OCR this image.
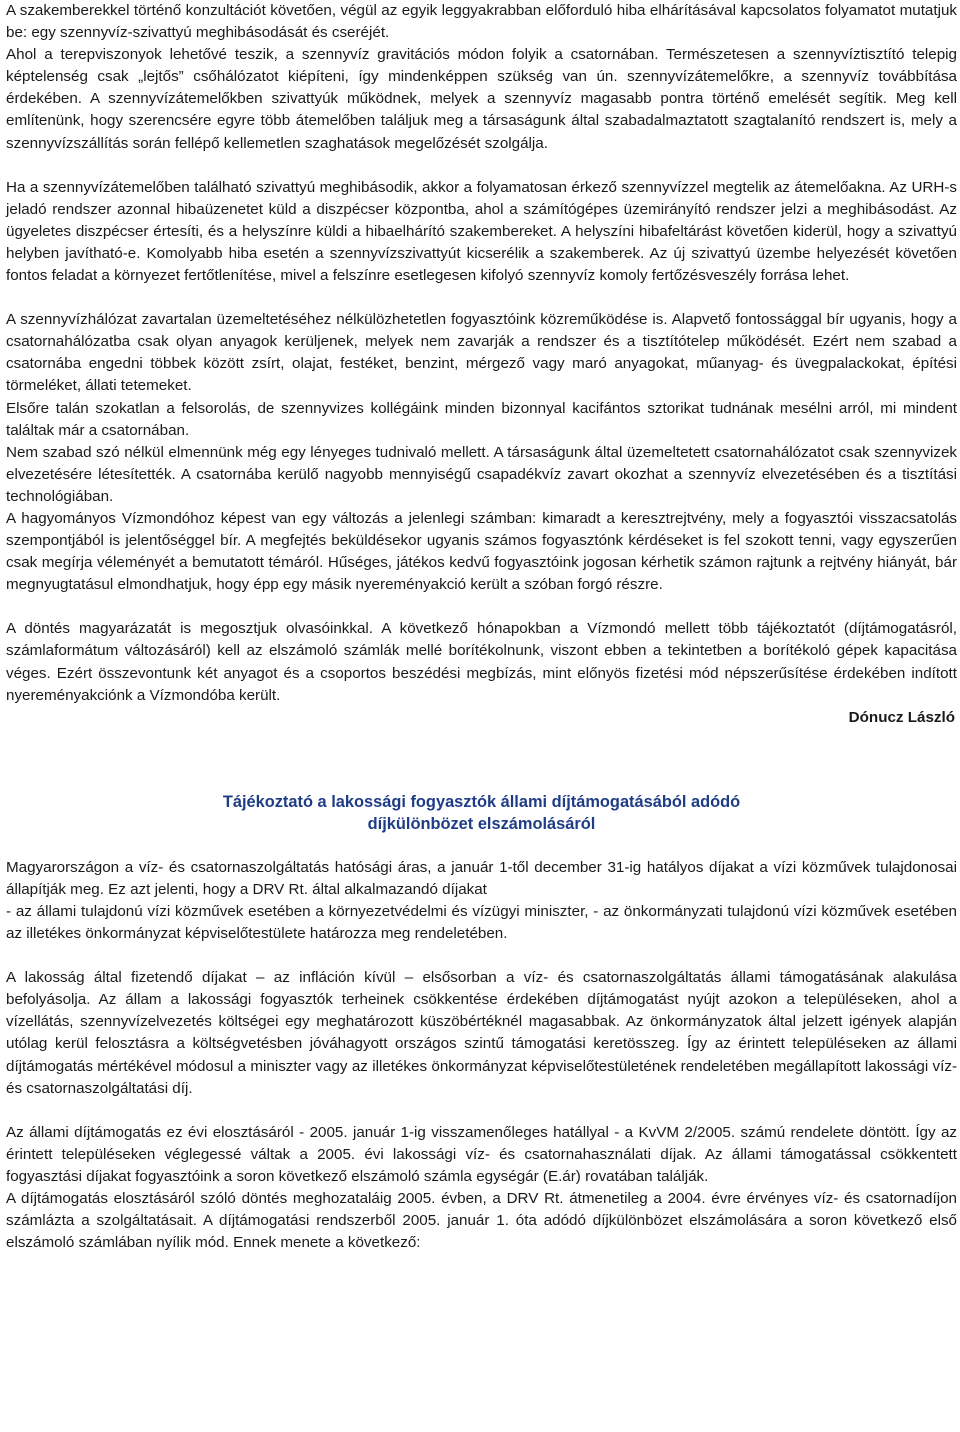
A szakemberekkel történő konzultációt követően, végül az egyik leggyakrabban előforduló hiba elhárításával kapcsolatos folyamatot mutatjuk be: egy szennyvíz-szivattyú meghibásodását és cseréjét.

Ahol a terepviszonyok lehetővé teszik, a szennyvíz gravitációs módon folyik a csatornában. Természetesen a szennyvíztisztító telepig képtelenség csak „lejtős” csőhálózatot kiépíteni, így mindenképpen szükség van ún. szennyvízátemelőkre, a szennyvíz továbbítása érdekében. A szennyvízátemelőkben szivattyúk működnek, melyek a szennyvíz magasabb pontra történő emelését segítik. Meg kell említenünk, hogy szerencsére egyre több átemelőben találjuk meg a társaságunk által szabadalmaztatott szagtalanító rendszert is, mely a szennyvízszállítás során fellépő kellemetlen szaghatások megelőzését szolgálja.

Ha a szennyvízátemelőben található szivattyú meghibásodik, akkor a folyamatosan érkező szennyvízzel megtelik az átemelőakna. Az URH-s jeladó rendszer azonnal hibaüzenetet küld a diszpécser központba, ahol a számítógépes üzemirányító rendszer jelzi a meghibásodást. Az ügyeletes diszpécser értesíti, és a helyszínre küldi a hibaelhárító szakembereket. A helyszíni hibafeltárást követően kiderül, hogy a szivattyú helyben javítható-e. Komolyabb hiba esetén a szennyvízszivattyút kicserélik a szakemberek. Az új szivattyú üzembe helyezését követően fontos feladat a környezet fertőtlenítése, mivel a felszínre esetlegesen kifolyó szennyvíz komoly fertőzésveszély forrása lehet.

A szennyvízhálózat zavartalan üzemeltetéséhez nélkülözhetetlen fogyasztóink közreműködése is. Alapvető fontossággal bír ugyanis, hogy a csatornahálózatba csak olyan anyagok kerüljenek, melyek nem zavarják a rendszer és a tisztítótelep működését. Ezért nem szabad a csatornába engedni többek között zsírt, olajat, festéket, benzint, mérgező vagy maró anyagokat, műanyag- és üvegpalackokat, építési törmeléket, állati tetemeket.

Elsőre talán szokatlan a felsorolás, de szennyvizes kollégáink minden bizonnyal kacifántos sztorikat tudnának mesélni arról, mi mindent találtak már a csatornában.

Nem szabad szó nélkül elmennünk még egy lényeges tudnivaló mellett. A társaságunk által üzemeltetett csatornahálózatot csak szennyvizek elvezetésére létesítették. A csatornába kerülő nagyobb mennyiségű csapadékvíz zavart okozhat a szennyvíz elvezetésében és a tisztítási technológiában.

A hagyományos Vízmondóhoz képest van egy változás a jelenlegi számban: kimaradt a keresztrejtvény, mely a fogyasztói visszacsatolás szempontjából is jelentőséggel bír. A megfejtés beküldésekor ugyanis számos fogyasztónk kérdéseket is fel szokott tenni, vagy egyszerűen csak megírja véleményét a bemutatott témáról. Hűséges, játékos kedvű fogyasztóink jogosan kérhetik számon rajtunk a rejtvény hiányát, bár megnyugtatásul elmondhatjuk, hogy épp egy másik nyereményakció került a szóban forgó részre.

A döntés magyarázatát is megosztjuk olvasóinkkal. A következő hónapokban a Vízmondó mellett több tájékoztatót (díjtámogatásról, számlaformátum változásáról) kell az elszámoló számlák mellé borítékolnunk, viszont ebben a tekintetben a borítékoló gépek kapacitása véges. Ezért összevontunk két anyagot és a csoportos beszédési megbízás, mint előnyös fizetési mód népszerűsítése érdekében indított nyereményakciónk a Vízmondóba került.

Dónucz László

Tájékoztató a lakossági fogyasztók állami díjtámogatásából adódó

díjkülönbözet elszámolásáról

Magyarországon a víz- és csatornaszolgáltatás hatósági áras, a január 1-től december 31-ig hatályos díjakat a vízi közművek tulajdonosai állapítják meg. Ez azt jelenti, hogy a DRV Rt. által alkalmazandó díjakat

- az állami tulajdonú vízi közművek esetében a környezetvédelmi és vízügyi miniszter, - az önkormányzati tulajdonú vízi közművek esetében az illetékes önkormányzat képviselőtestülete határozza meg rendeletében.

A lakosság által fizetendő díjakat – az infláción kívül – elsősorban a víz- és csatornaszolgáltatás állami támogatásának alakulása befolyásolja. Az állam a lakossági fogyasztók terheinek csökkentése érdekében díjtámogatást nyújt azokon a településeken, ahol a vízellátás, szennyvízelvezetés költségei egy meghatározott küszöbértéknél magasabbak. Az önkormányzatok által jelzett igények alapján utólag kerül felosztásra a költségvetésben jóváhagyott országos szintű támogatási keretösszeg. Így az érintett településeken az állami díjtámogatás mértékével módosul a miniszter vagy az illetékes önkormányzat képviselőtestületének rendeletében megállapított lakossági víz- és csatornaszolgáltatási díj.

Az állami díjtámogatás ez évi elosztásáról - 2005. január 1-ig visszamenőleges hatállyal - a KvVM 2/2005. számú rendelete döntött. Így az érintett településeken véglegessé váltak a 2005. évi lakossági víz- és csatornahasználati díjak. Az állami támogatással csökkentett fogyasztási díjakat fogyasztóink a soron következő elszámoló számla egységár (E.ár) rovatában találják.

A díjtámogatás elosztásáról szóló döntés meghozataláig 2005. évben, a DRV Rt. átmenetileg a 2004. évre érvényes víz- és csatornadíjon számlázta a szolgáltatásait. A díjtámogatási rendszerből 2005. január 1. óta adódó díjkülönbözet elszámolására a soron következő első elszámoló számlában nyílik mód. Ennek menete a következő:
